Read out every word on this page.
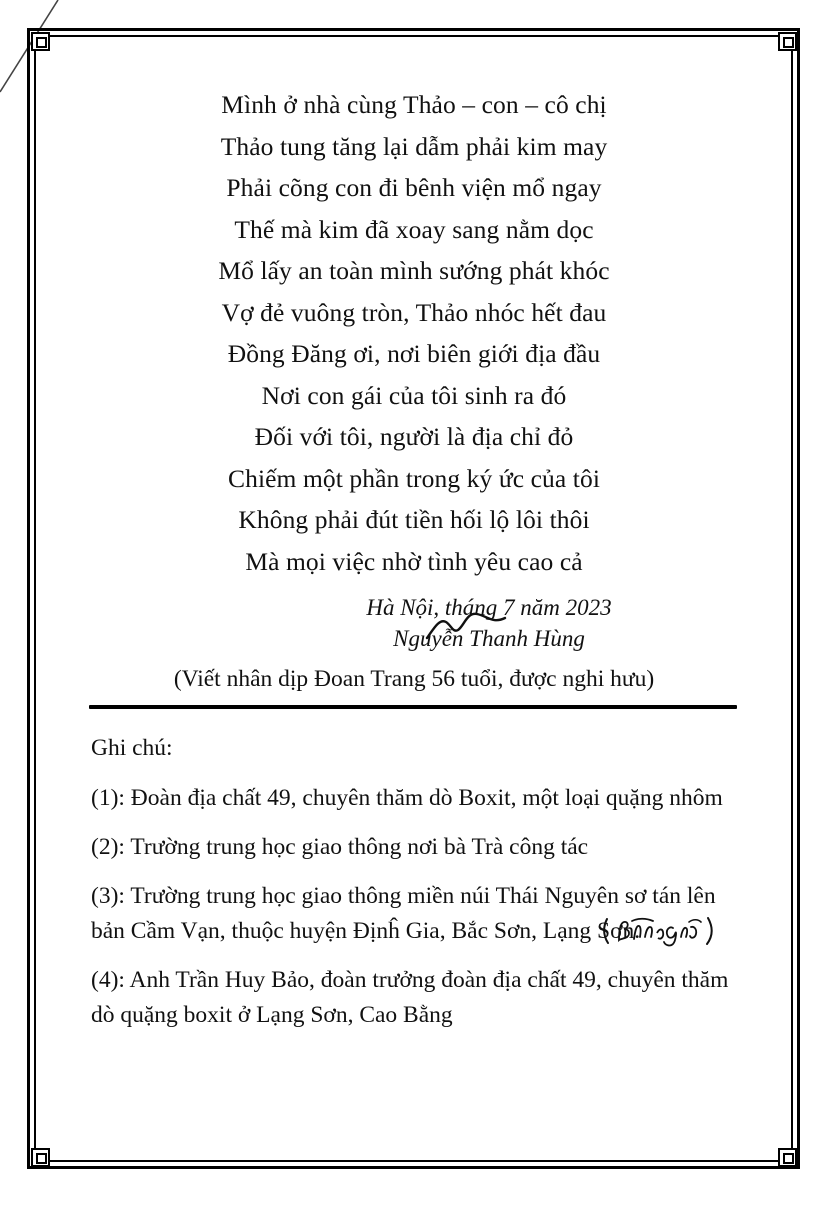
Mình ở nhà cùng Thảo – con – cô chị
Thảo tung tăng lại dẫm phải kim may
Phải cõng con đi bênh viện mổ ngay
Thế mà kim đã xoay sang nằm dọc
Mổ lấy an toàn mình sướng phát khóc
Vợ đẻ vuông tròn, Thảo nhóc hết đau
Đồng Đăng ơi, nơi biên giới địa đầu
Nơi con gái của tôi sinh ra đó
Đối với tôi, người là địa chỉ đỏ
Chiếm một phần trong ký ức của tôi
Không phải đút tiền hối lộ lôi thôi
Mà mọi việc nhờ tình yêu cao cả
Hà Nội, tháng 7 năm 2023
Nguyễn Thanh Hùng
(Viết nhân dịp Đoan Trang 56 tuổi, được nghi hưu)
Ghi chú:
(1): Đoàn địa chất 49, chuyên thăm dò Boxit, một loại quặng nhôm
(2): Trường trung học giao thông nơi bà Trà công tác
(3): Trường trung học giao thông miền núi Thái Nguyên sơ tán lên bản Cầm Vạn, thuộc huyện Địnĥ Gia, Bắc Sơn, Lạng Sơn.
(4): Anh Trần Huy Bảo, đoàn trưởng đoàn địa chất 49, chuyên thăm dò quặng boxit ở Lạng Sơn, Cao Bằng
